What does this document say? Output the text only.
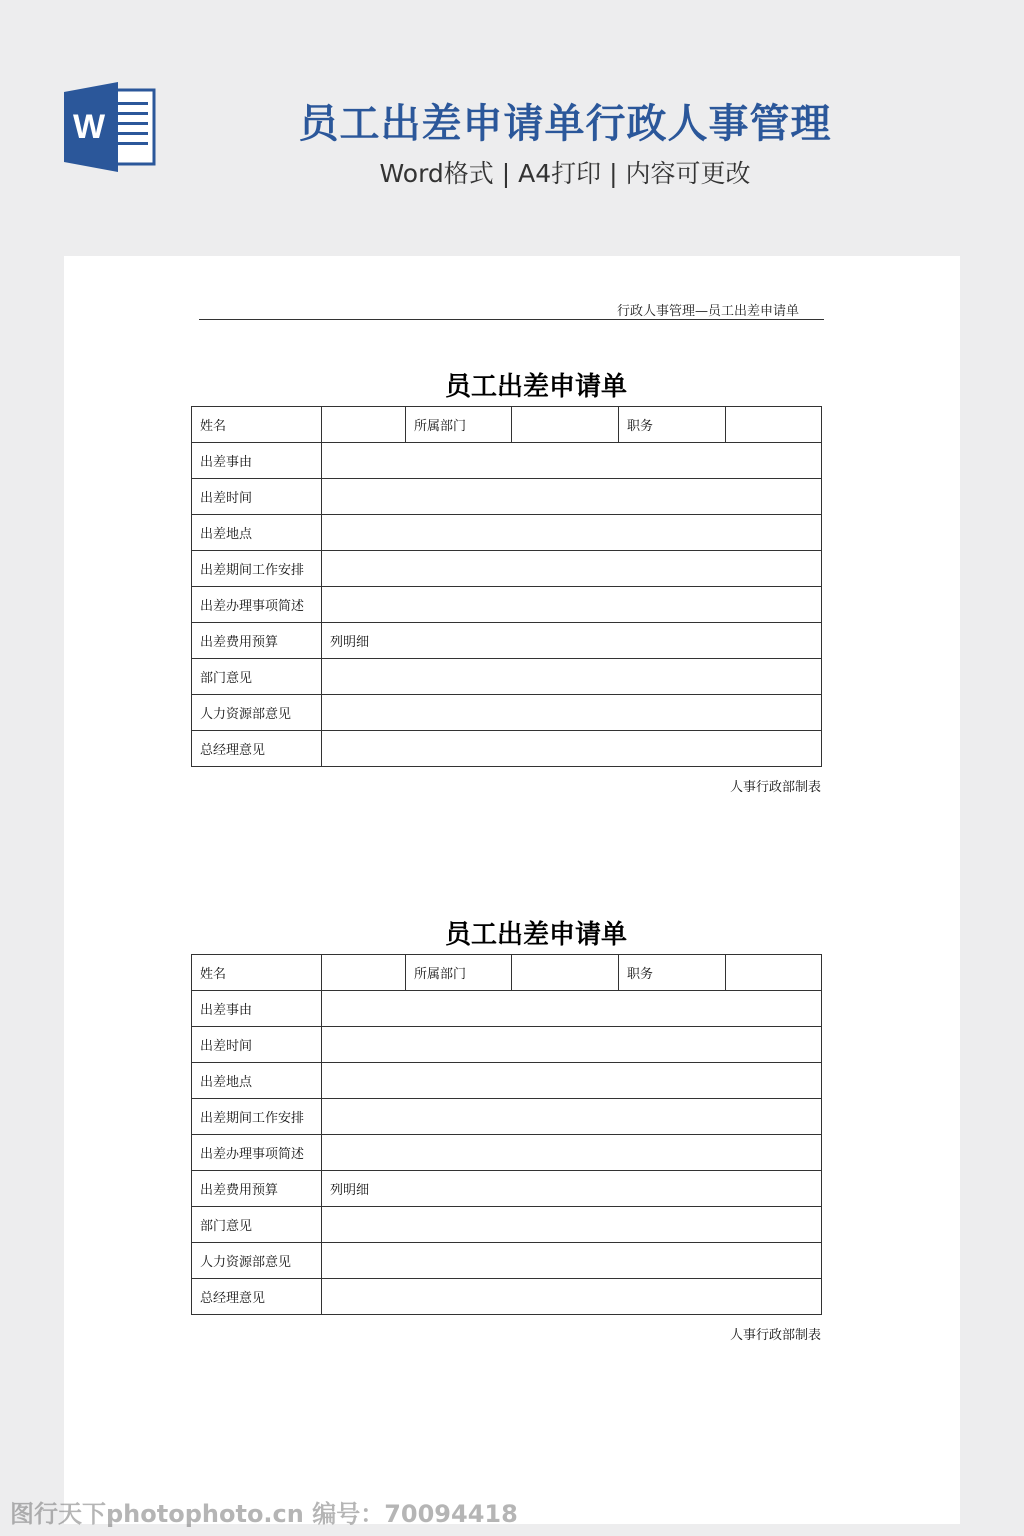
W	员工出差申请单行政人事管理
Word格式 | A4打印 | 内容可更改
行政人事管理—员工出差申请单
员工出差申请单
姓名		所属部门		职务	
出差事由					
出差时间					
出差地点					
出差期间工作安排					
出差办理事项简述					
出差费用预算	列明细				
部门意见					
人力资源部意见					
总经理意见					
人事行政部制表
员工出差申请单
姓名		所属部门		职务	
出差事由					
出差时间					
出差地点					
出差期间工作安排					
出差办理事项简述					
出差费用预算	列明细				
部门意见					
人力资源部意见					
总经理意见					
人事行政部制表
图行天下photophoto.cn 编号：70094418
